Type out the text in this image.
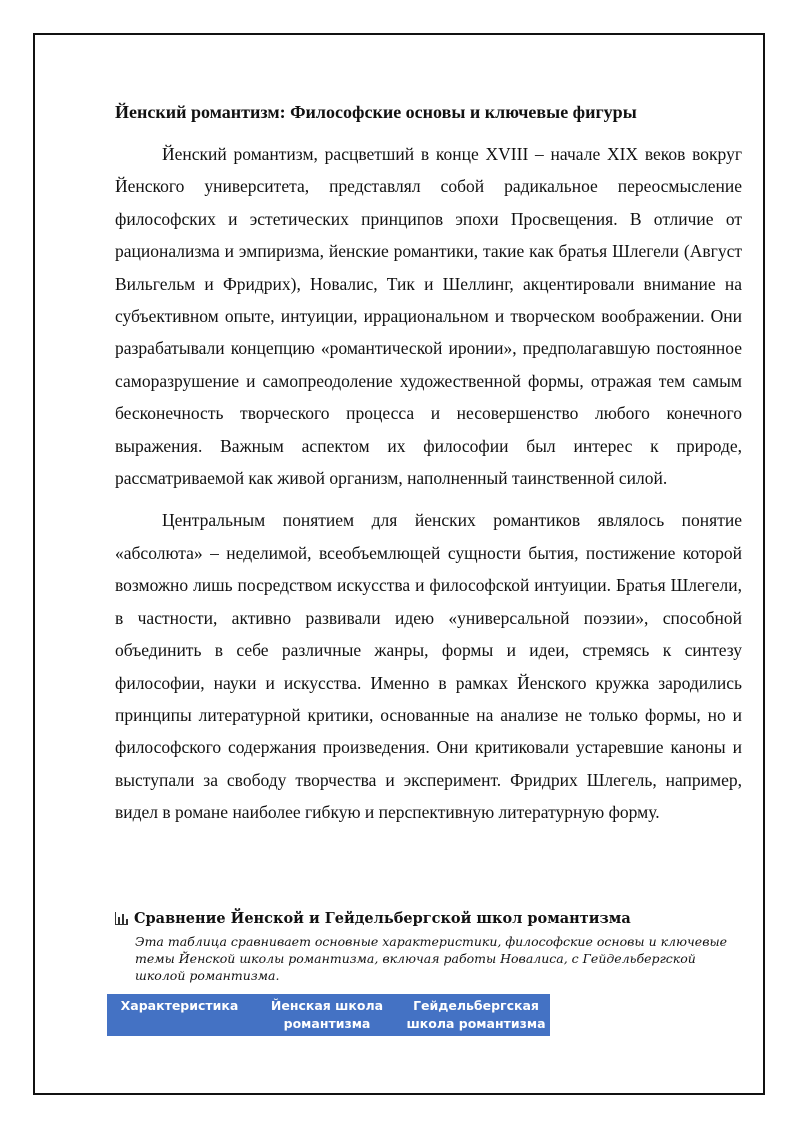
Йенский романтизм: Философские основы и ключевые фигуры

Йенский романтизм, расцветший в конце XVIII – начале XIX веков вокруг Йенского университета, представлял собой радикальное переосмысление философских и эстетических принципов эпохи Просвещения. В отличие от рационализма и эмпиризма, йенские романтики, такие как братья Шлегели (Август Вильгельм и Фридрих), Новалис, Тик и Шеллинг, акцентировали внимание на субъективном опыте, интуиции, иррациональном и творческом воображении. Они разрабатывали концепцию «романтической иронии», предполагавшую постоянное саморазрушение и самопреодоление художественной формы, отражая тем самым бесконечность творческого процесса и несовершенство любого конечного выражения. Важным аспектом их философии был интерес к природе, рассматриваемой как живой организм, наполненный таинственной силой.

Центральным понятием для йенских романтиков являлось понятие «абсолюта» – неделимой, всеобъемлющей сущности бытия, постижение которой возможно лишь посредством искусства и философской интуиции. Братья Шлегели, в частности, активно развивали идею «универсальной поэзии», способной объединить в себе различные жанры, формы и идеи, стремясь к синтезу философии, науки и искусства. Именно в рамках Йенского кружка зародились принципы литературной критики, основанные на анализе не только формы, но и философского содержания произведения. Они критиковали устаревшие каноны и выступали за свободу творчества и эксперимент. Фридрих Шлегель, например, видел в романе наиболее гибкую и перспективную литературную форму.

Сравнение Йенской и Гейдельбергской школ романтизма
Эта таблица сравнивает основные характеристики, философские основы и ключевые темы Йенской школы романтизма, включая работы Новалиса, с Гейдельбергской школой романтизма.
Характеристика	Йенская школа романтизма
Гейдельбергская школа романтизма
